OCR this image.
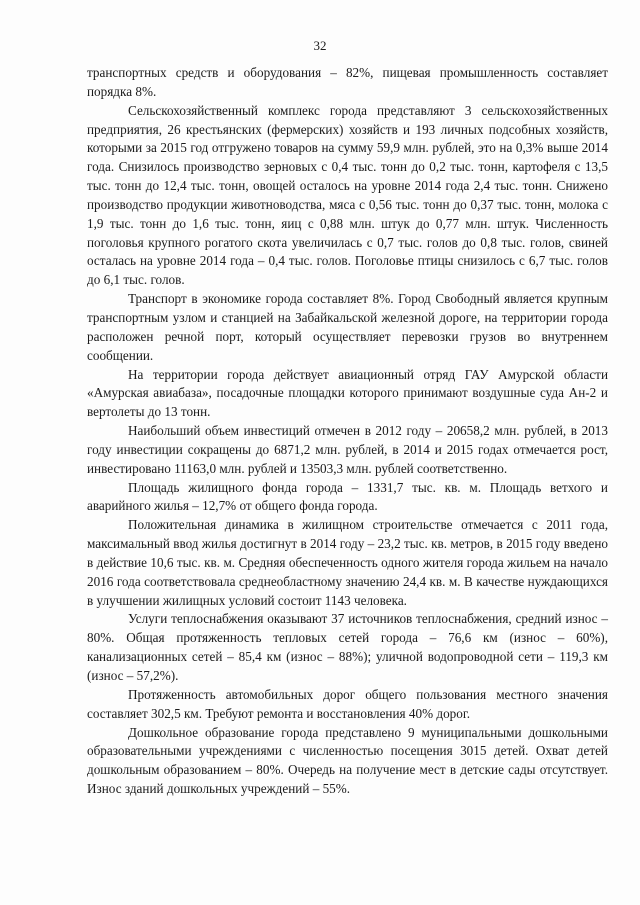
32

транспортных средств и оборудования – 82%, пищевая промышленность составляет порядка 8%.

Сельскохозяйственный комплекс города представляют 3 сельскохозяйственных предприятия, 26 крестьянских (фермерских) хозяйств и 193 личных подсобных хозяйств, которыми за 2015 год отгружено товаров на сумму 59,9 млн. рублей, это на 0,3% выше 2014 года. Снизилось производство зерновых с 0,4 тыс. тонн до 0,2 тыс. тонн, картофеля с 13,5 тыс. тонн до 12,4 тыс. тонн, овощей осталось на уровне 2014 года 2,4 тыс. тонн. Снижено производство продукции животноводства, мяса с 0,56 тыс. тонн до 0,37 тыс. тонн, молока с 1,9 тыс. тонн до 1,6 тыс. тонн, яиц с 0,88 млн. штук до 0,77 млн. штук. Численность поголовья крупного рогатого скота увеличилась с 0,7 тыс. голов до 0,8 тыс. голов, свиней осталась на уровне 2014 года – 0,4 тыс. голов. Поголовье птицы снизилось с 6,7 тыс. голов до 6,1 тыс. голов.

Транспорт в экономике города составляет 8%. Город Свободный является крупным транспортным узлом и станцией на Забайкальской железной дороге, на территории города расположен речной порт, который осуществляет перевозки грузов во внутреннем сообщении.

На территории города действует авиационный отряд ГАУ Амурской области «Амурская авиабаза», посадочные площадки которого принимают воздушные суда Ан-2 и вертолеты до 13 тонн.

Наибольший объем инвестиций отмечен в 2012 году – 20658,2 млн. рублей, в 2013 году инвестиции сокращены до 6871,2 млн. рублей, в 2014 и 2015 годах отмечается рост, инвестировано 11163,0 млн. рублей и 13503,3 млн. рублей соответственно.

Площадь жилищного фонда города – 1331,7 тыс. кв. м. Площадь ветхого и аварийного жилья – 12,7% от общего фонда города.

Положительная динамика в жилищном строительстве отмечается с 2011 года, максимальный ввод жилья достигнут в 2014 году – 23,2 тыс. кв. метров, в 2015 году введено в действие 10,6 тыс. кв. м. Средняя обеспеченность одного жителя города жильем на начало 2016 года соответствовала среднеобластному значению 24,4 кв. м. В качестве нуждающихся в улучшении жилищных условий состоит 1143 человека.

Услуги теплоснабжения оказывают 37 источников теплоснабжения, средний износ – 80%. Общая протяженность тепловых сетей города – 76,6 км (износ – 60%), канализационных сетей – 85,4 км (износ – 88%); уличной водопроводной сети – 119,3 км (износ – 57,2%).

Протяженность автомобильных дорог общего пользования местного значения составляет 302,5 км. Требуют ремонта и восстановления 40% дорог.

Дошкольное образование города представлено 9 муниципальными дошкольными образовательными учреждениями с численностью посещения 3015 детей. Охват детей дошкольным образованием – 80%. Очередь на получение мест в детские сады отсутствует. Износ зданий дошкольных учреждений – 55%.
